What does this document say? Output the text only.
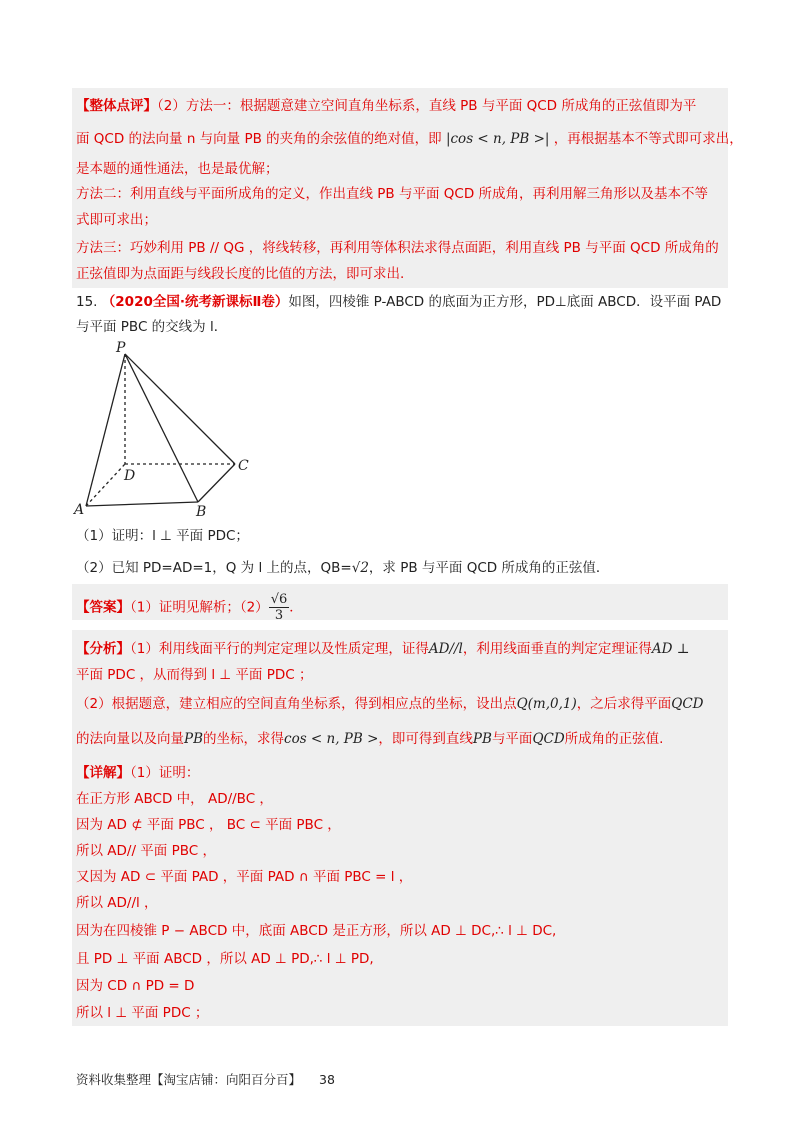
【整体点评】（2）方法一：根据题意建立空间直角坐标系，直线 PB 与平面 QCD 所成角的正弦值即为平
面 QCD 的法向量 n 与向量 PB 的夹角的余弦值的绝对值，即 |cos < n, PB >| ，再根据基本不等式即可求出，
是本题的通性通法，也是最优解；
方法二：利用直线与平面所成角的定义，作出直线 PB 与平面 QCD 所成角，再利用解三角形以及基本不等
式即可求出；
方法三：巧妙利用 PB // QG ，将线转移，再利用等体积法求得点面距，利用直线 PB 与平面 QCD 所成角的
正弦值即为点面距与线段长度的比值的方法，即可求出.
15. （2020全国·统考新课标Ⅱ卷）如图，四棱锥 P-ABCD 的底面为正方形，PD⊥底面 ABCD．设平面 PAD
与平面 PBC 的交线为 l．
P
A	B
C
D
（1）证明：l ⊥ 平面 PDC；
（2）已知 PD=AD=1，Q 为 l 上的点，QB=√2，求 PB 与平面 QCD 所成角的正弦值．
【答案】（1）证明见解析；$(2) \frac{√6}{3}$ ．
【分析】（1）利用线面平行的判定定理以及性质定理，证得AD//l，利用线面垂直的判定定理证得AD ⊥
平面 PDC ，从而得到 l ⊥ 平面 PDC ；
（2）根据题意，建立相应的空间直角坐标系，得到相应点的坐标，设出点Q(m,0,1)，之后求得平面QCD
的法向量以及向量PB的坐标，求得cos < n, PB >，即可得到直线PB与平面QCD所成角的正弦值.
【详解】（1）证明：
在正方形 ABCD 中， AD//BC ，
因为 AD ⊄ 平面 PBC ， BC ⊂ 平面 PBC ，
所以 AD// 平面 PBC ，
又因为 AD ⊂ 平面 PAD ，平面 PAD ∩ 平面 PBC = l ，
所以 AD//l ，
因为在四棱锥 P − ABCD 中，底面 ABCD 是正方形，所以 AD ⊥ DC,∴ l ⊥ DC,
且 PD ⊥ 平面 ABCD ，所以 AD ⊥ PD,∴ l ⊥ PD,
因为 CD ∩ PD = D
所以 l ⊥ 平面 PDC ；
资料收集整理【淘宝店铺：向阳百分百】 38
